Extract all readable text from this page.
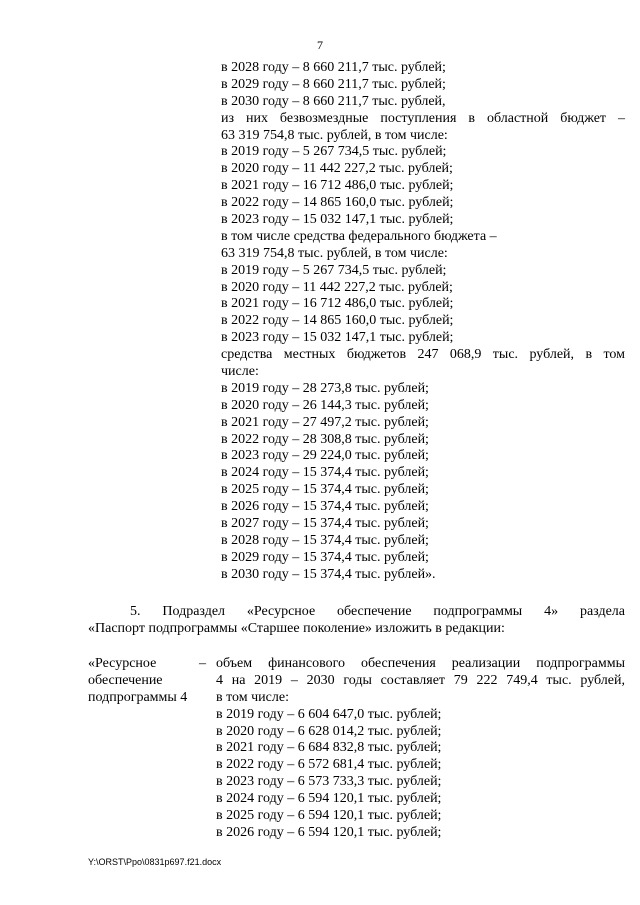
7
в 2028 году – 8 660 211,7 тыс. рублей;
в 2029 году – 8 660 211,7 тыс. рублей;
в 2030 году – 8 660 211,7 тыс. рублей,
из них безвозмездные поступления в областной бюджет –
63 319 754,8 тыс. рублей, в том числе:
в 2019 году – 5 267 734,5 тыс. рублей;
в 2020 году – 11 442 227,2 тыс. рублей;
в 2021 году – 16 712 486,0 тыс. рублей;
в 2022 году – 14 865 160,0 тыс. рублей;
в 2023 году – 15 032 147,1 тыс. рублей;
в том числе средства федерального бюджета –
63 319 754,8 тыс. рублей, в том числе:
в 2019 году – 5 267 734,5 тыс. рублей;
в 2020 году – 11 442 227,2 тыс. рублей;
в 2021 году – 16 712 486,0 тыс. рублей;
в 2022 году – 14 865 160,0 тыс. рублей;
в 2023 году – 15 032 147,1 тыс. рублей;
средства местных бюджетов 247 068,9 тыс. рублей, в том
числе:
в 2019 году – 28 273,8 тыс. рублей;
в 2020 году – 26 144,3 тыс. рублей;
в 2021 году – 27 497,2 тыс. рублей;
в 2022 году – 28 308,8 тыс. рублей;
в 2023 году – 29 224,0 тыс. рублей;
в 2024 году – 15 374,4 тыс. рублей;
в 2025 году – 15 374,4 тыс. рублей;
в 2026 году – 15 374,4 тыс. рублей;
в 2027 году – 15 374,4 тыс. рублей;
в 2028 году – 15 374,4 тыс. рублей;
в 2029 году – 15 374,4 тыс. рублей;
в 2030 году – 15 374,4 тыс. рублей».
5. Подраздел «Ресурсное обеспечение подпрограммы 4» раздела
«Паспорт подпрограммы «Старшее поколение» изложить в редакции:
«Ресурсное
обеспечение
подпрограммы 4
– объем финансового обеспечения реализации подпрограммы
4 на 2019 – 2030 годы составляет 79 222 749,4 тыс. рублей,
в том числе:
в 2019 году – 6 604 647,0 тыс. рублей;
в 2020 году – 6 628 014,2 тыс. рублей;
в 2021 году – 6 684 832,8 тыс. рублей;
в 2022 году – 6 572 681,4 тыс. рублей;
в 2023 году – 6 573 733,3 тыс. рублей;
в 2024 году – 6 594 120,1 тыс. рублей;
в 2025 году – 6 594 120,1 тыс. рублей;
в 2026 году – 6 594 120,1 тыс. рублей;
Y:\ORST\Ppo\0831p697.f21.docx
